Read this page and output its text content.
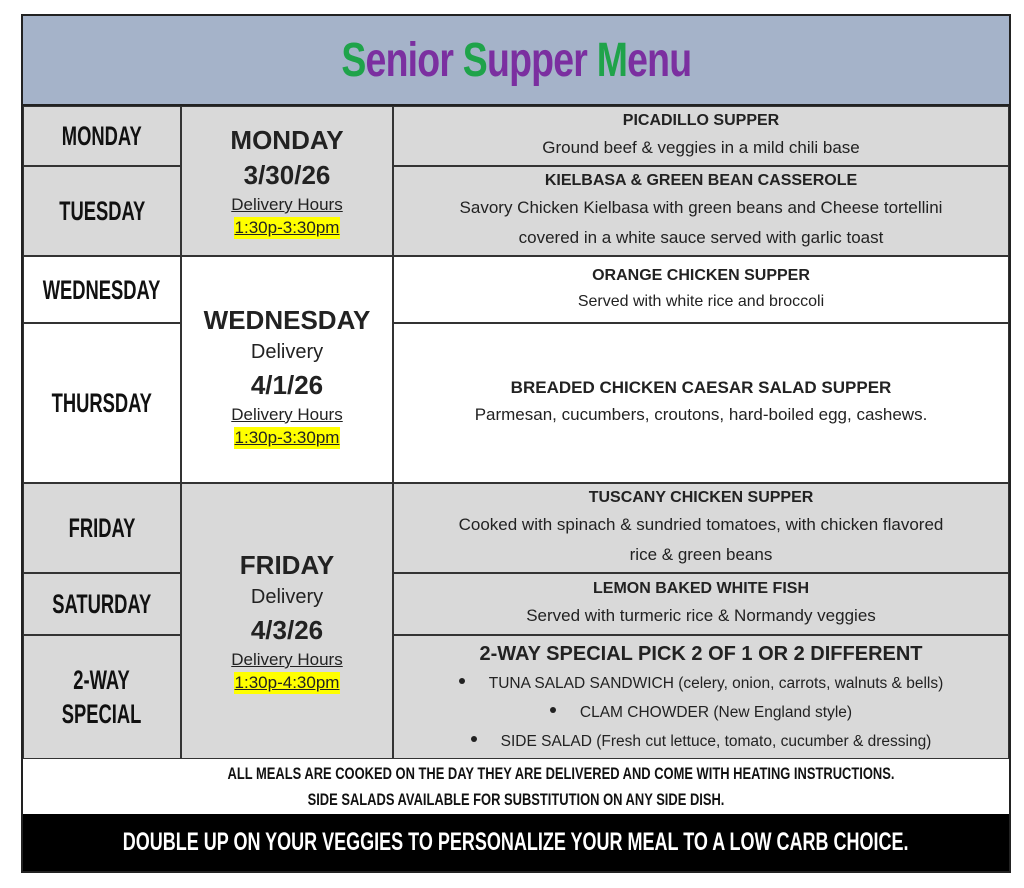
Senior Supper Menu
MONDAY
TUESDAY
WEDNESDAY
THURSDAY
FRIDAY
SATURDAY
2-WAY
SPECIAL
MONDAY
3/30/26
Delivery Hours
1:30p-3:30pm
WEDNESDAY
Delivery
4/1/26
Delivery Hours
1:30p-3:30pm
FRIDAY
Delivery
4/3/26
Delivery Hours
1:30p-4:30pm
PICADILLO SUPPER
Ground beef & veggies in a mild chili base
KIELBASA & GREEN BEAN CASSEROLE
Savory Chicken Kielbasa with green beans and Cheese tortellini
covered in a white sauce served with garlic toast
ORANGE CHICKEN SUPPER
Served with white rice and broccoli
BREADED CHICKEN CAESAR SALAD SUPPER
Parmesan, cucumbers, croutons, hard-boiled egg, cashews.
TUSCANY CHICKEN SUPPER
Cooked with spinach & sundried tomatoes, with chicken flavored
rice & green beans
LEMON BAKED WHITE FISH
Served with turmeric rice & Normandy veggies
2-WAY SPECIAL PICK 2 OF 1 OR 2 DIFFERENT
TUNA SALAD SANDWICH (celery, onion, carrots, walnuts & bells)
CLAM CHOWDER (New England style)
SIDE SALAD (Fresh cut lettuce, tomato, cucumber & dressing)
ALL MEALS ARE COOKED ON THE DAY THEY ARE DELIVERED AND COME WITH HEATING INSTRUCTIONS.
SIDE SALADS AVAILABLE FOR SUBSTITUTION ON ANY SIDE DISH.
DOUBLE UP ON YOUR VEGGIES TO PERSONALIZE YOUR MEAL TO A LOW CARB CHOICE.
